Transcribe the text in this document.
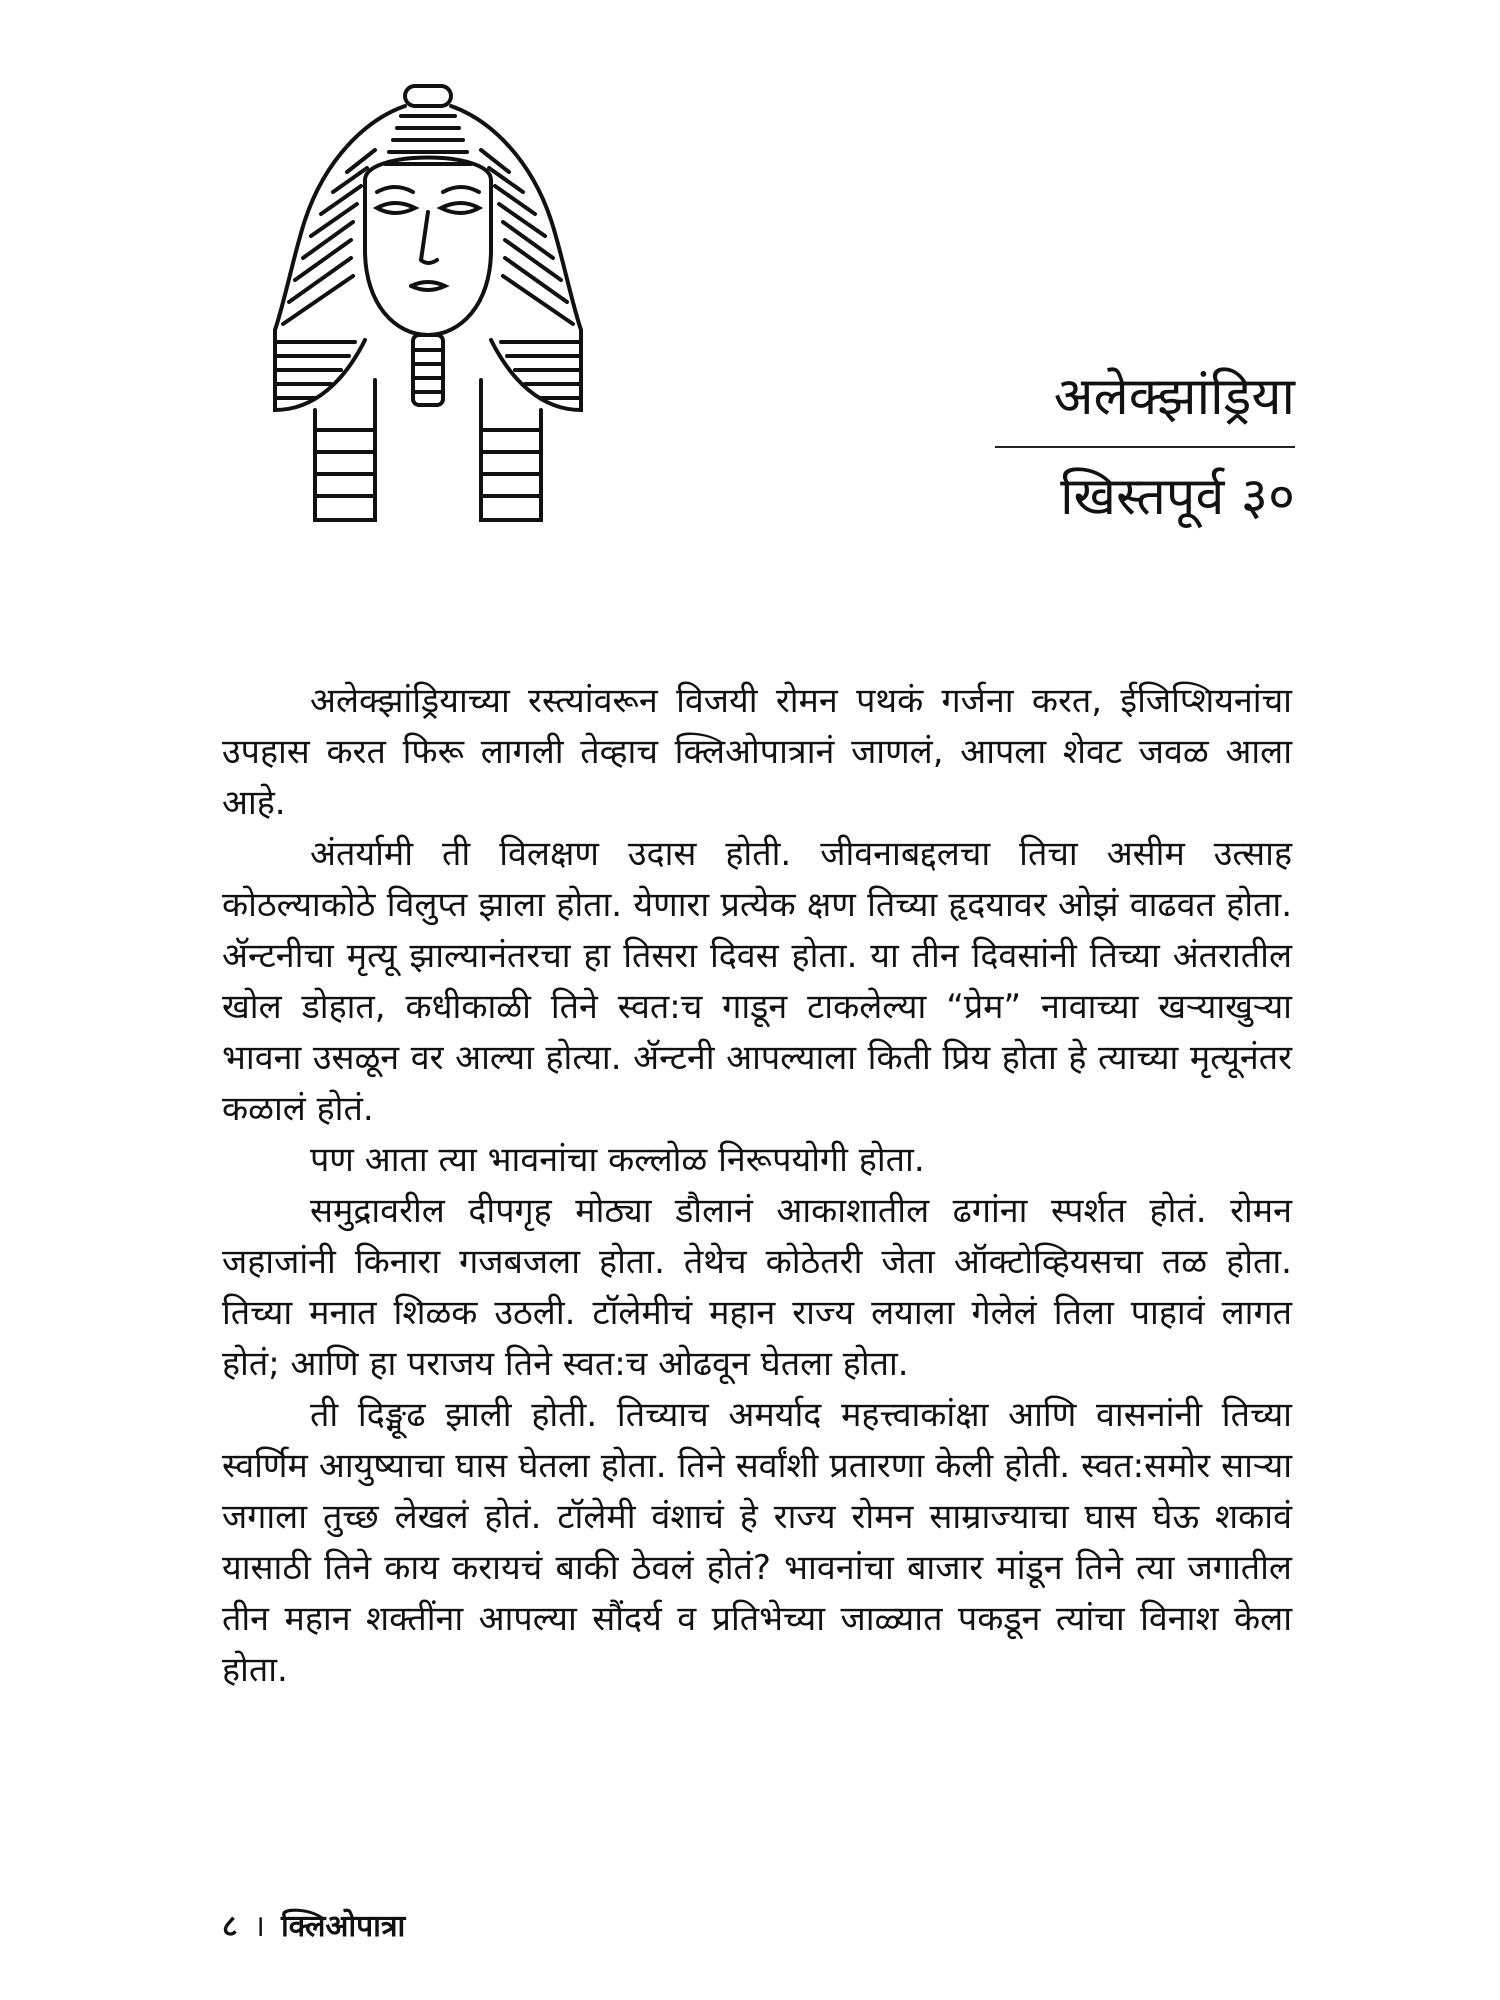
अलेक्झांड्रिया
खिस्तपूर्व ३०

अलेक्झांड्रियाच्या रस्त्यांवरून विजयी रोमन पथकं गर्जना करत, ईजिप्शियनांचा उपहास करत फिरू लागली तेव्हाच क्लिओपात्रानं जाणलं, आपला शेवट जवळ आला आहे.

अंतर्यामी ती विलक्षण उदास होती. जीवनाबद्दलचा तिचा असीम उत्साह कोठल्याकोठे विलुप्त झाला होता. येणारा प्रत्येक क्षण तिच्या हृदयावर ओझं वाढवत होता. ॲन्टनीचा मृत्यू झाल्यानंतरचा हा तिसरा दिवस होता. या तीन दिवसांनी तिच्या अंतरातील खोल डोहात, कधीकाळी तिने स्वत:च गाडून टाकलेल्या “प्रेम” नावाच्या खऱ्याखुऱ्या भावना उसळून वर आल्या होत्या. ॲन्टनी आपल्याला किती प्रिय होता हे त्याच्या मृत्यूनंतर कळालं होतं.

पण आता त्या भावनांचा कल्लोळ निरूपयोगी होता.

समुद्रावरील दीपगृह मोठ्या डौलानं आकाशातील ढगांना स्पर्शत होतं. रोमन जहाजांनी किनारा गजबजला होता. तेथेच कोठेतरी जेता ऑक्टोव्हियसचा तळ होता. तिच्या मनात शिळक उठली. टॉलेमीचं महान राज्य लयाला गेलेलं तिला पाहावं लागत होतं; आणि हा पराजय तिने स्वत:च ओढवून घेतला होता.

ती दिङ्मूढ झाली होती. तिच्याच अमर्याद महत्त्वाकांक्षा आणि वासनांनी तिच्या स्वर्णिम आयुष्याचा घास घेतला होता. तिने सर्वांशी प्रतारणा केली होती. स्वत:समोर साऱ्या जगाला तुच्छ लेखलं होतं. टॉलेमी वंशाचं हे राज्य रोमन साम्राज्याचा घास घेऊ शकावं यासाठी तिने काय करायचं बाकी ठेवलं होतं? भावनांचा बाजार मांडून तिने त्या जगातील तीन महान शक्तींना आपल्या सौंदर्य व प्रतिभेच्या जाळ्यात पकडून त्यांचा विनाश केला होता.

८ । क्लिओपात्रा
